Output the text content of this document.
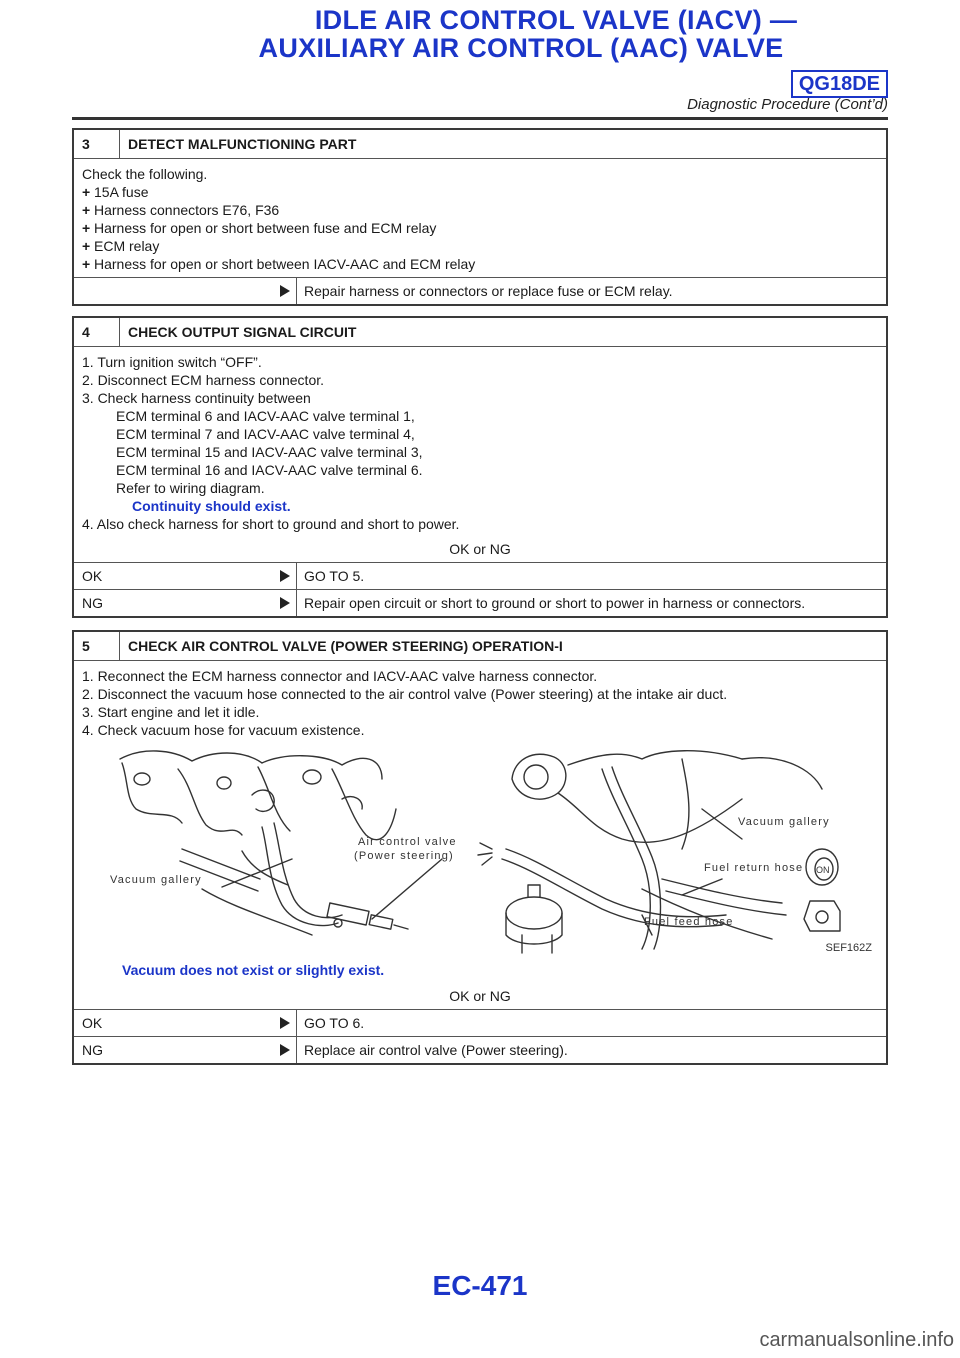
IDLE AIR CONTROL VALVE (IACV) —
AUXILIARY AIR CONTROL (AAC) VALVE
QG18DE
Diagnostic Procedure (Cont’d)
3	DETECT MALFUNCTIONING PART
Check the following.
+ 15A fuse
+ Harness connectors E76, F36
+ Harness for open or short between fuse and ECM relay
+ ECM relay
+ Harness for open or short between IACV-AAC and ECM relay
Repair harness or connectors or replace fuse or ECM relay.
4	CHECK OUTPUT SIGNAL CIRCUIT
1. Turn ignition switch “OFF”.
2. Disconnect ECM harness connector.
3. Check harness continuity between
ECM terminal 6 and IACV-AAC valve terminal 1,
ECM terminal 7 and IACV-AAC valve terminal 4,
ECM terminal 15 and IACV-AAC valve terminal 3,
ECM terminal 16 and IACV-AAC valve terminal 6.
Refer to wiring diagram.
Continuity should exist.
4. Also check harness for short to ground and short to power.
OK or NG
OK	GO TO 5.
NG	Repair open circuit or short to ground or short to power in harness or connectors.
5	CHECK AIR CONTROL VALVE (POWER STEERING) OPERATION-I
1. Reconnect the ECM harness connector and IACV-AAC valve harness connector.
2. Disconnect the vacuum hose connected to the air control valve (Power steering) at the intake air duct.
3. Start engine and let it idle.
4. Check vacuum hose for vacuum existence.
Vacuum gallery
Air control valve
(Power steering)
Vacuum gallery
Fuel return hose
Fuel feed hose
ON
SEF162Z
Vacuum does not exist or slightly exist.
OK or NG
OK	GO TO 6.
NG	Replace air control valve (Power steering).
EC-471
carmanualsonline.info
